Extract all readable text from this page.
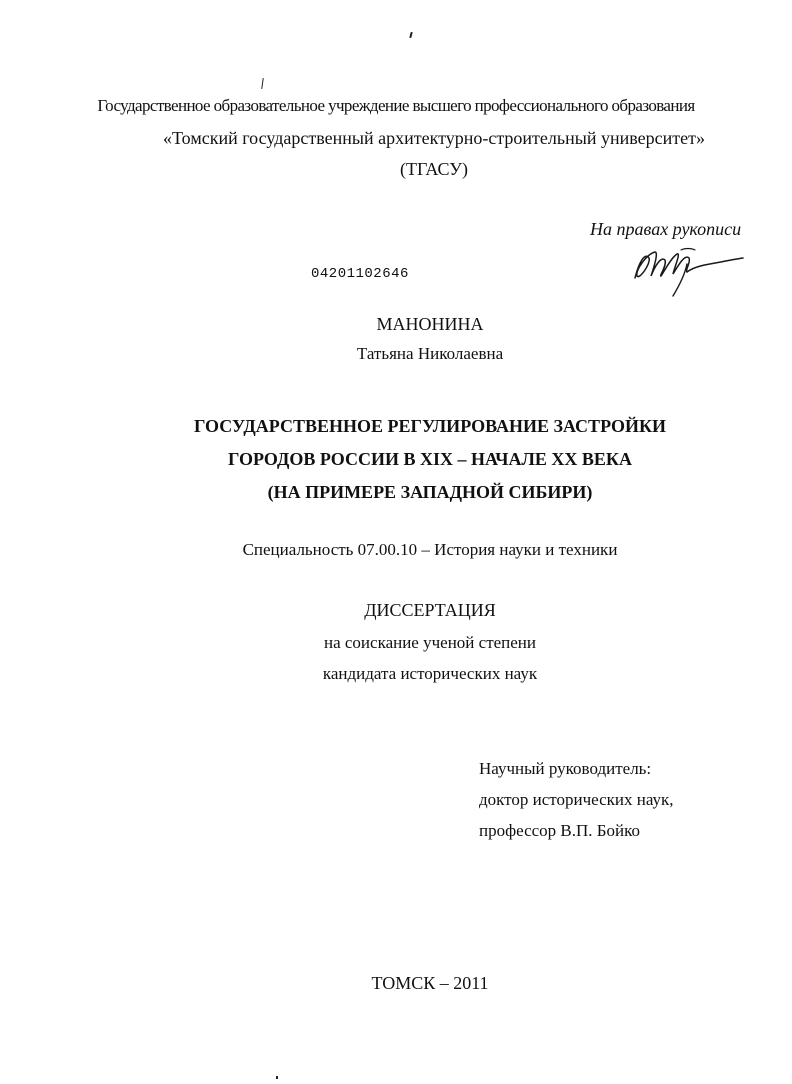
Государственное образовательное учреждение высшего профессионального образования
«Томский государственный архитектурно-строительный университет»
(ТГАСУ)
На правах рукописи
04201102646
МАНОНИНА
Татьяна Николаевна
ГОСУДАРСТВЕННОЕ РЕГУЛИРОВАНИЕ ЗАСТРОЙКИ
ГОРОДОВ РОССИИ В XIX – НАЧАЛЕ XX ВЕКА
(НА ПРИМЕРЕ ЗАПАДНОЙ СИБИРИ)
Специальность 07.00.10 – История науки и техники
ДИССЕРТАЦИЯ
на соискание ученой степени
кандидата исторических наук
Научный руководитель:
доктор исторических наук,
профессор В.П. Бойко
ТОМСК – 2011
